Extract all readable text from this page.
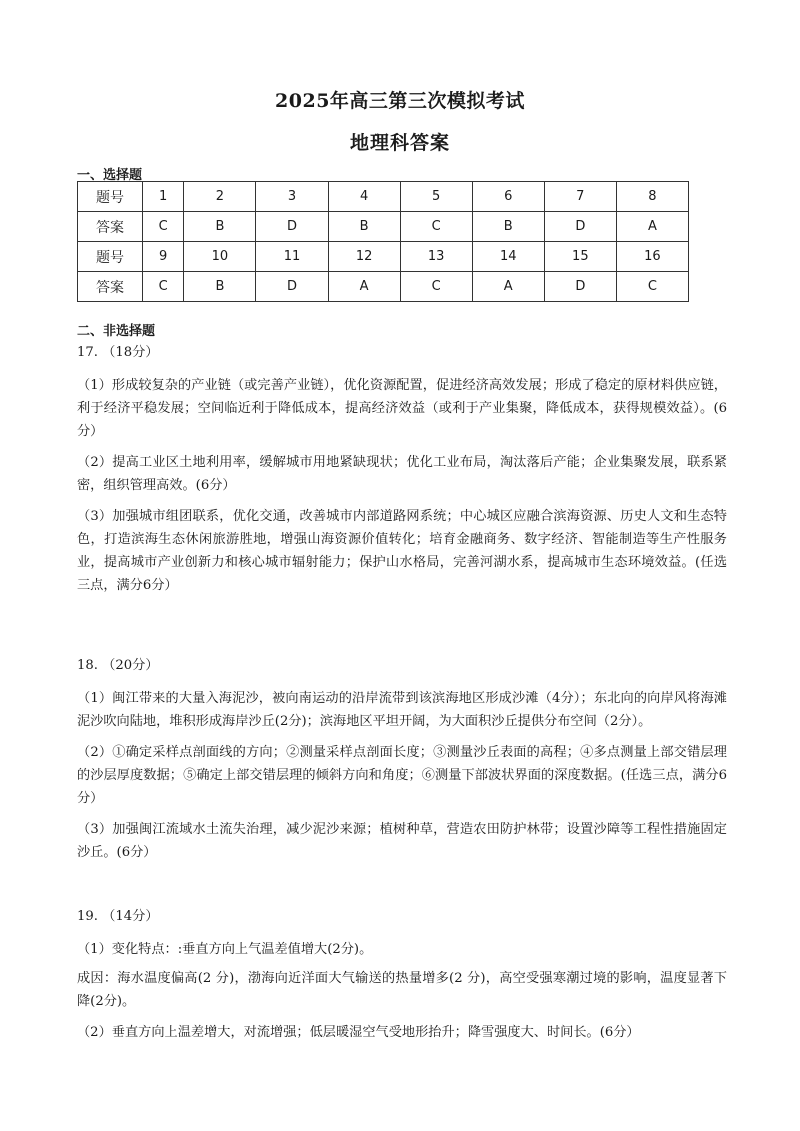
2025年高三第三次模拟考试
地理科答案
一、选择题
题号	1	2	3	4	5	6	7	8
答案	C	B	D	B	C	B	D	A
题号	9	10	11	12	13	14	15	16
答案	C	B	D	A	C	A	D	C
二、非选择题

17. （18分）

（1）形成较复杂的产业链（或完善产业链），优化资源配置，促进经济高效发展；形成了稳定的原材料供应链，利于经济平稳发展；空间临近利于降低成本，提高经济效益（或利于产业集聚，降低成本，获得规模效益）。(6分）

（2）提高工业区土地利用率，缓解城市用地紧缺现状；优化工业布局，淘汰落后产能；企业集聚发展，联系紧密，组织管理高效。(6分）

（3）加强城市组团联系，优化交通，改善城市内部道路网系统；中心城区应融合滨海资源、历史人文和生态特色，打造滨海生态休闲旅游胜地，增强山海资源价值转化；培育金融商务、数字经济、智能制造等生产性服务业，提高城市产业创新力和核心城市辐射能力；保护山水格局，完善河湖水系，提高城市生态环境效益。(任选三点，满分6分）

18. （20分）

（1）闽江带来的大量入海泥沙，被向南运动的沿岸流带到该滨海地区形成沙滩（4分）；东北向的向岸风将海滩泥沙吹向陆地，堆积形成海岸沙丘(2分)；滨海地区平坦开阔，为大面积沙丘提供分布空间（2分）。

（2）①确定采样点剖面线的方向；②测量采样点剖面长度；③测量沙丘表面的高程；④多点测量上部交错层理的沙层厚度数据；⑤确定上部交错层理的倾斜方向和角度；⑥测量下部波状界面的深度数据。(任选三点，满分6分）

（3）加强闽江流域水土流失治理，减少泥沙来源；植树种草，营造农田防护林带；设置沙障等工程性措施固定沙丘。(6分）

19. （14分）

（1）变化特点：:垂直方向上气温差值增大(2分)。

成因：海水温度偏高(2 分)，渤海向近洋面大气输送的热量增多(2 分)，高空受强寒潮过境的影响，温度显著下降(2分)。

（2）垂直方向上温差增大，对流增强；低层暖湿空气受地形抬升；降雪强度大、时间长。(6分）
